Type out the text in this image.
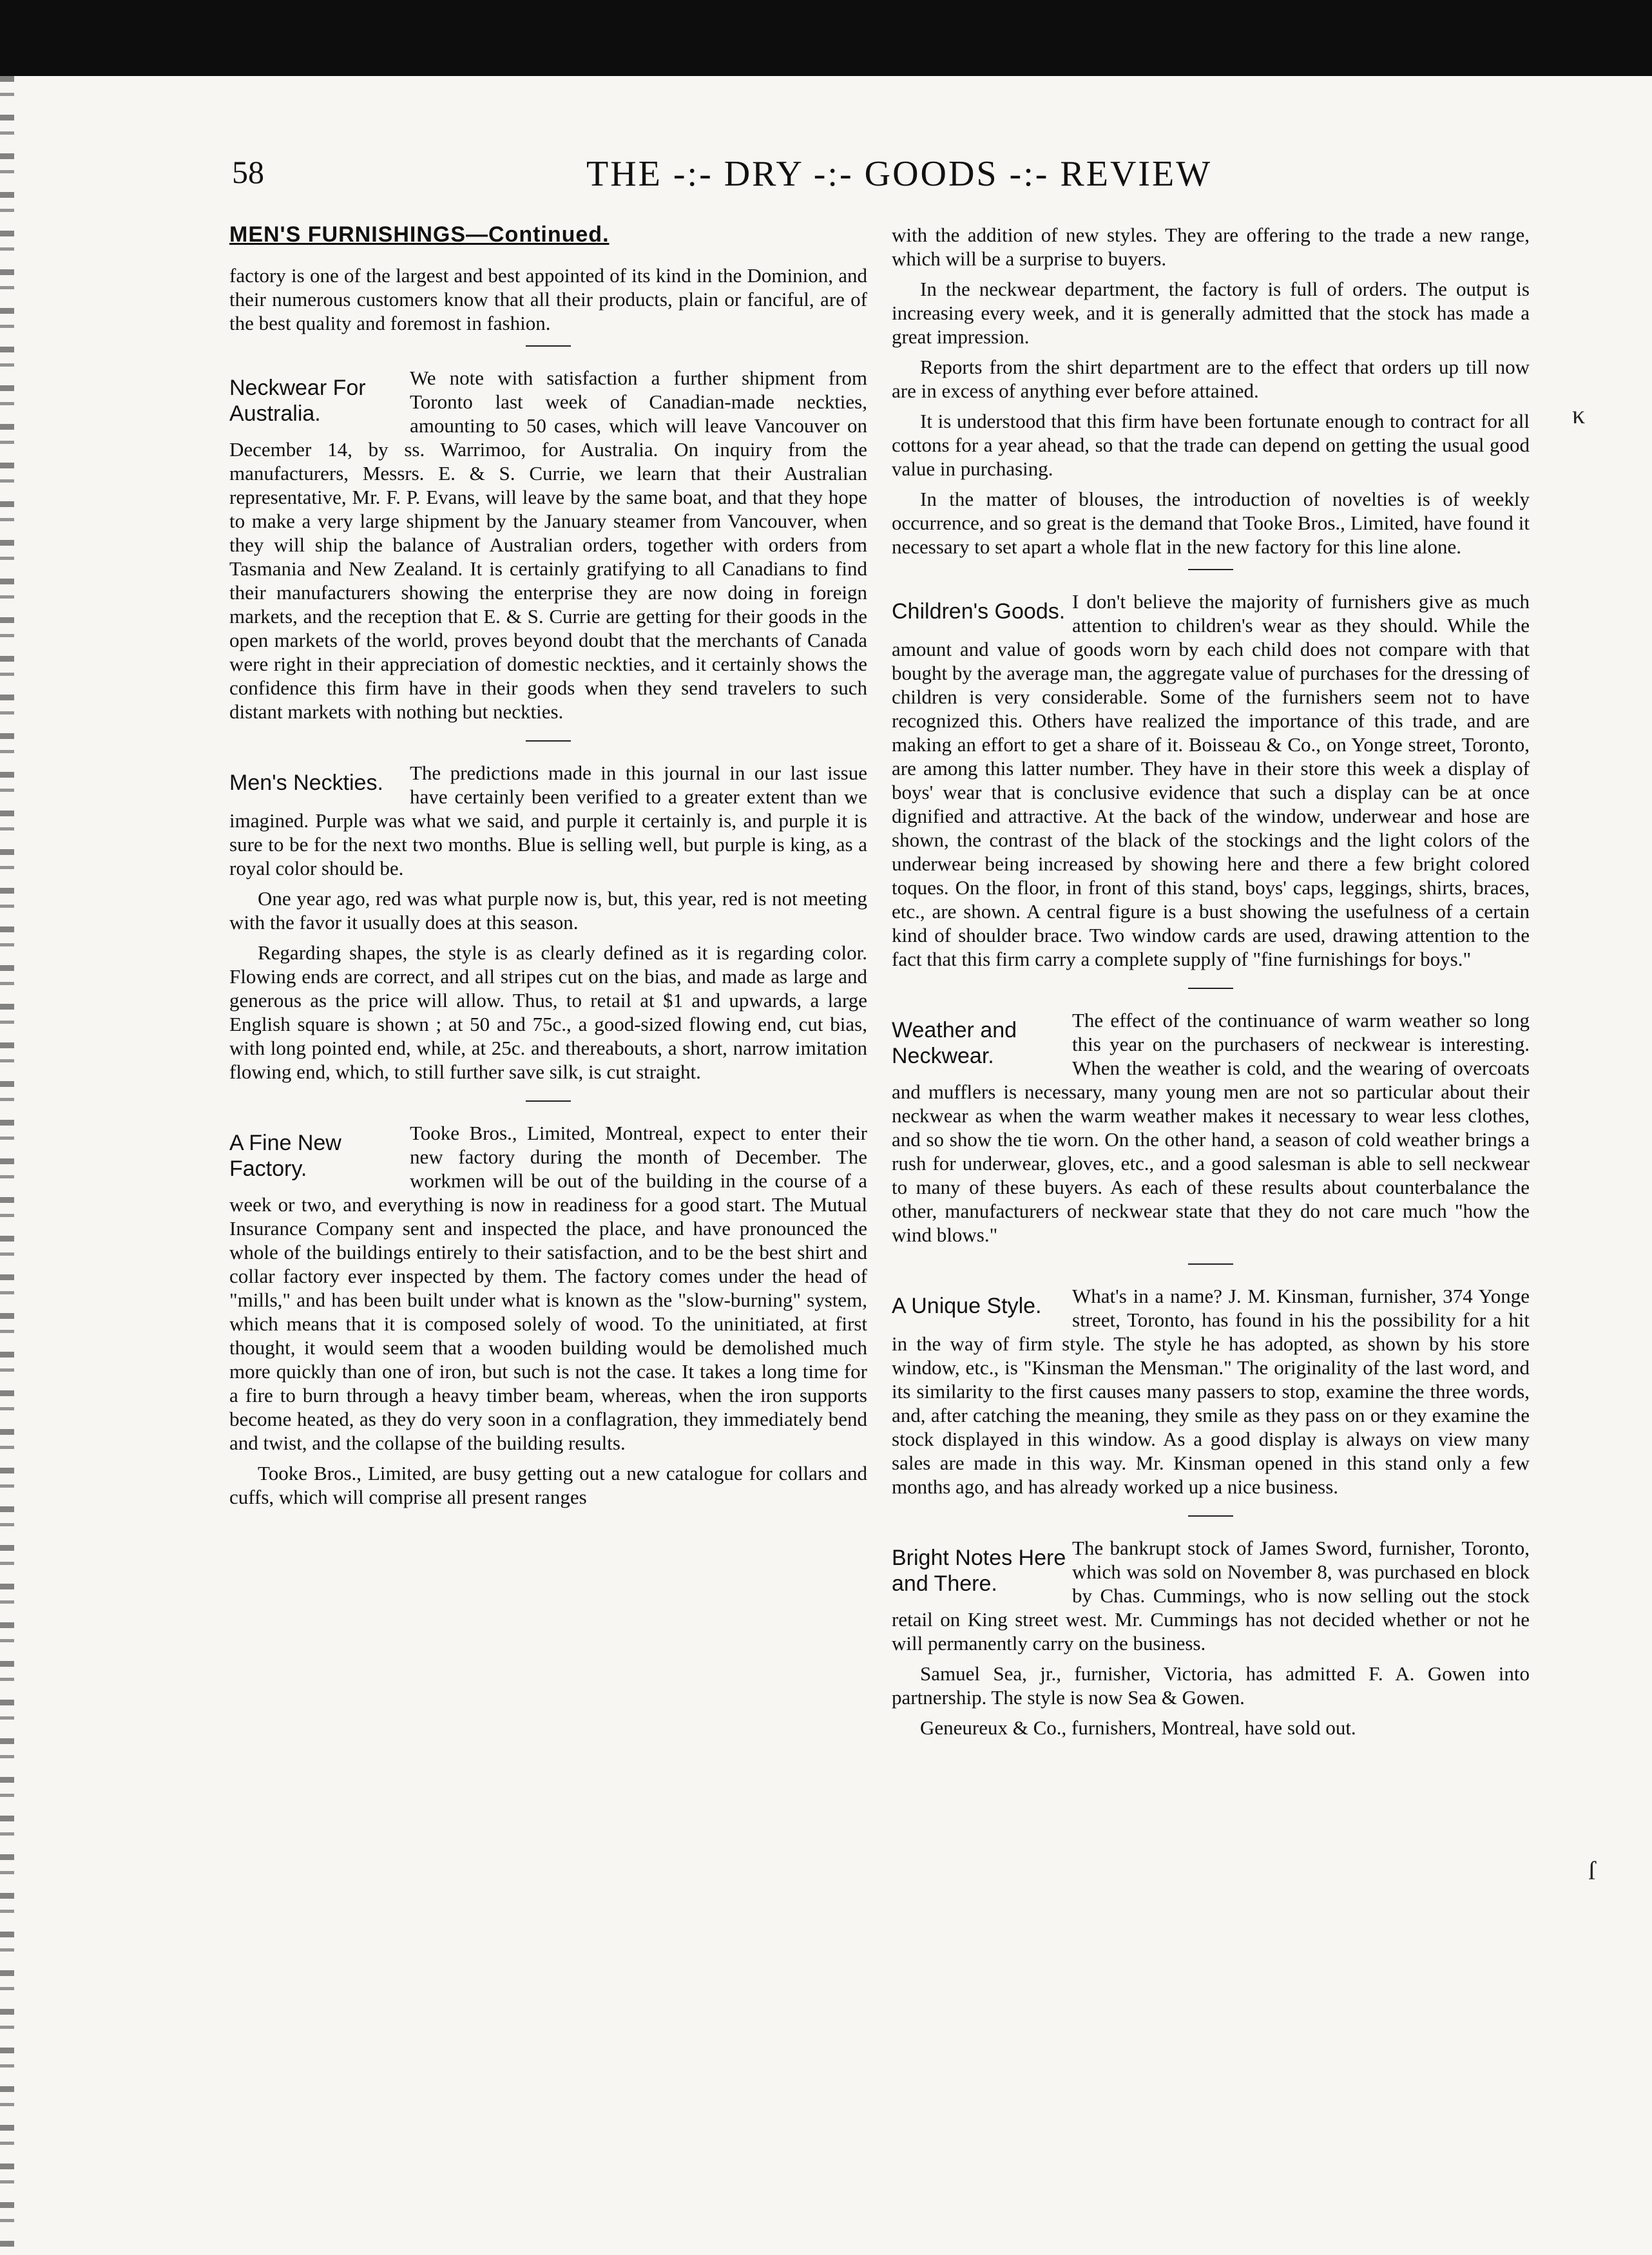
58	THE -:- DRY -:- GOODS -:- REVIEW
MEN'S FURNISHINGS—Continued.

factory is one of the largest and best appointed of its kind in the Dominion, and their numerous customers know that all their products, plain or fanciful, are of the best quality and foremost in fashion.

Neckwear For Australia.

We note with satisfaction a further shipment from Toronto last week of Canadian-made neckties, amounting to 50 cases, which will leave Vancouver on December 14, by ss. Warrimoo, for Australia. On inquiry from the manufacturers, Messrs. E. & S. Currie, we learn that their Australian representative, Mr. F. P. Evans, will leave by the same boat, and that they hope to make a very large shipment by the January steamer from Vancouver, when they will ship the balance of Australian orders, together with orders from Tasmania and New Zealand. It is certainly gratifying to all Canadians to find their manufacturers showing the enterprise they are now doing in foreign markets, and the reception that E. & S. Currie are getting for their goods in the open markets of the world, proves beyond doubt that the merchants of Canada were right in their appreciation of domestic neckties, and it certainly shows the confidence this firm have in their goods when they send travelers to such distant markets with nothing but neckties.

Men's Neckties.	The predictions made in this journal in our last issue have certainly been verified to a greater extent than we imagined. Purple was what we said, and purple it certainly is, and purple it is sure to be for the next two months. Blue is selling well, but purple is king, as a royal color should be.

One year ago, red was what purple now is, but, this year, red is not meeting with the favor it usually does at this season.

Regarding shapes, the style is as clearly defined as it is regarding color. Flowing ends are correct, and all stripes cut on the bias, and made as large and generous as the price will allow. Thus, to retail at $1 and upwards, a large English square is shown ; at 50 and 75c., a good-sized flowing end, cut bias, with long pointed end, while, at 25c. and thereabouts, a short, narrow imitation flowing end, which, to still further save silk, is cut straight.

A Fine New Factory.

Tooke Bros., Limited, Montreal, expect to enter their new factory during the month of December. The workmen will be out of the building in the course of a week or two, and everything is now in readiness for a good start. The Mutual Insurance Company sent and inspected the place, and have pronounced the whole of the buildings entirely to their satisfaction, and to be the best shirt and collar factory ever inspected by them. The factory comes under the head of "mills," and has been built under what is known as the "slow-burning" system, which means that it is composed solely of wood. To the uninitiated, at first thought, it would seem that a wooden building would be demolished much more quickly than one of iron, but such is not the case. It takes a long time for a fire to burn through a heavy timber beam, whereas, when the iron supports become heated, as they do very soon in a conflagration, they immediately bend and twist, and the collapse of the building results.

Tooke Bros., Limited, are busy getting out a new catalogue for collars and cuffs, which will comprise all present ranges

with the addition of new styles. They are offering to the trade a new range, which will be a surprise to buyers.

In the neckwear department, the factory is full of orders. The output is increasing every week, and it is generally admitted that the stock has made a great impression.

Reports from the shirt department are to the effect that orders up till now are in excess of anything ever before attained.

It is understood that this firm have been fortunate enough to contract for all cottons for a year ahead, so that the trade can depend on getting the usual good value in purchasing.

In the matter of blouses, the introduction of novelties is of weekly occurrence, and so great is the demand that Tooke Bros., Limited, have found it necessary to set apart a whole flat in the new factory for this line alone.

Children's Goods. I don't believe the majority of furnishers give as much attention to children's wear as they should. While the amount and value of goods worn by each child does not compare with that bought by the average man, the aggregate value of purchases for the dressing of children is very considerable. Some of the furnishers seem not to have recognized this. Others have realized the importance of this trade, and are making an effort to get a share of it. Boisseau & Co., on Yonge street, Toronto, are among this latter number. They have in their store this week a display of boys' wear that is conclusive evidence that such a display can be at once dignified and attractive. At the back of the window, underwear and hose are shown, the contrast of the black of the stockings and the light colors of the underwear being increased by showing here and there a few bright colored toques. On the floor, in front of this stand, boys' caps, leggings, shirts, braces, etc., are shown. A central figure is a bust showing the usefulness of a certain kind of shoulder brace. Two window cards are used, drawing attention to the fact that this firm carry a complete supply of "fine furnishings for boys."

Weather and Neckwear.

The effect of the continuance of warm weather so long this year on the purchasers of neckwear is interesting. When the weather is cold, and the wearing of overcoats and mufflers is necessary, many young men are not so particular about their neckwear as when the warm weather makes it necessary to wear less clothes, and so show the tie worn. On the other hand, a season of cold weather brings a rush for underwear, gloves, etc., and a good salesman is able to sell neckwear to many of these buyers. As each of these results about counterbalance the other, manufacturers of neckwear state that they do not care much "how the wind blows."

A Unique Style.	What's in a name? J. M. Kinsman, furnisher, 374 Yonge street, Toronto, has found in his the possibility for a hit in the way of firm style. The style he has adopted, as shown by his store window, etc., is "Kinsman the Mensman." The originality of the last word, and its similarity to the first causes many passers to stop, examine the three words, and, after catching the meaning, they smile as they pass on or they examine the stock displayed in this window. As a good display is always on view many sales are made in this way. Mr. Kinsman opened in this stand only a few months ago, and has already worked up a nice business.

Bright Notes Here and There.

The bankrupt stock of James Sword, furnisher, Toronto, which was sold on November 8, was purchased en block by Chas. Cummings, who is now selling out the stock retail on King street west. Mr. Cummings has not decided whether or not he will permanently carry on the business.

Samuel Sea, jr., furnisher, Victoria, has admitted F. A. Gowen into partnership. The style is now Sea & Gowen.

Geneureux & Co., furnishers, Montreal, have sold out.

κ
ſ
